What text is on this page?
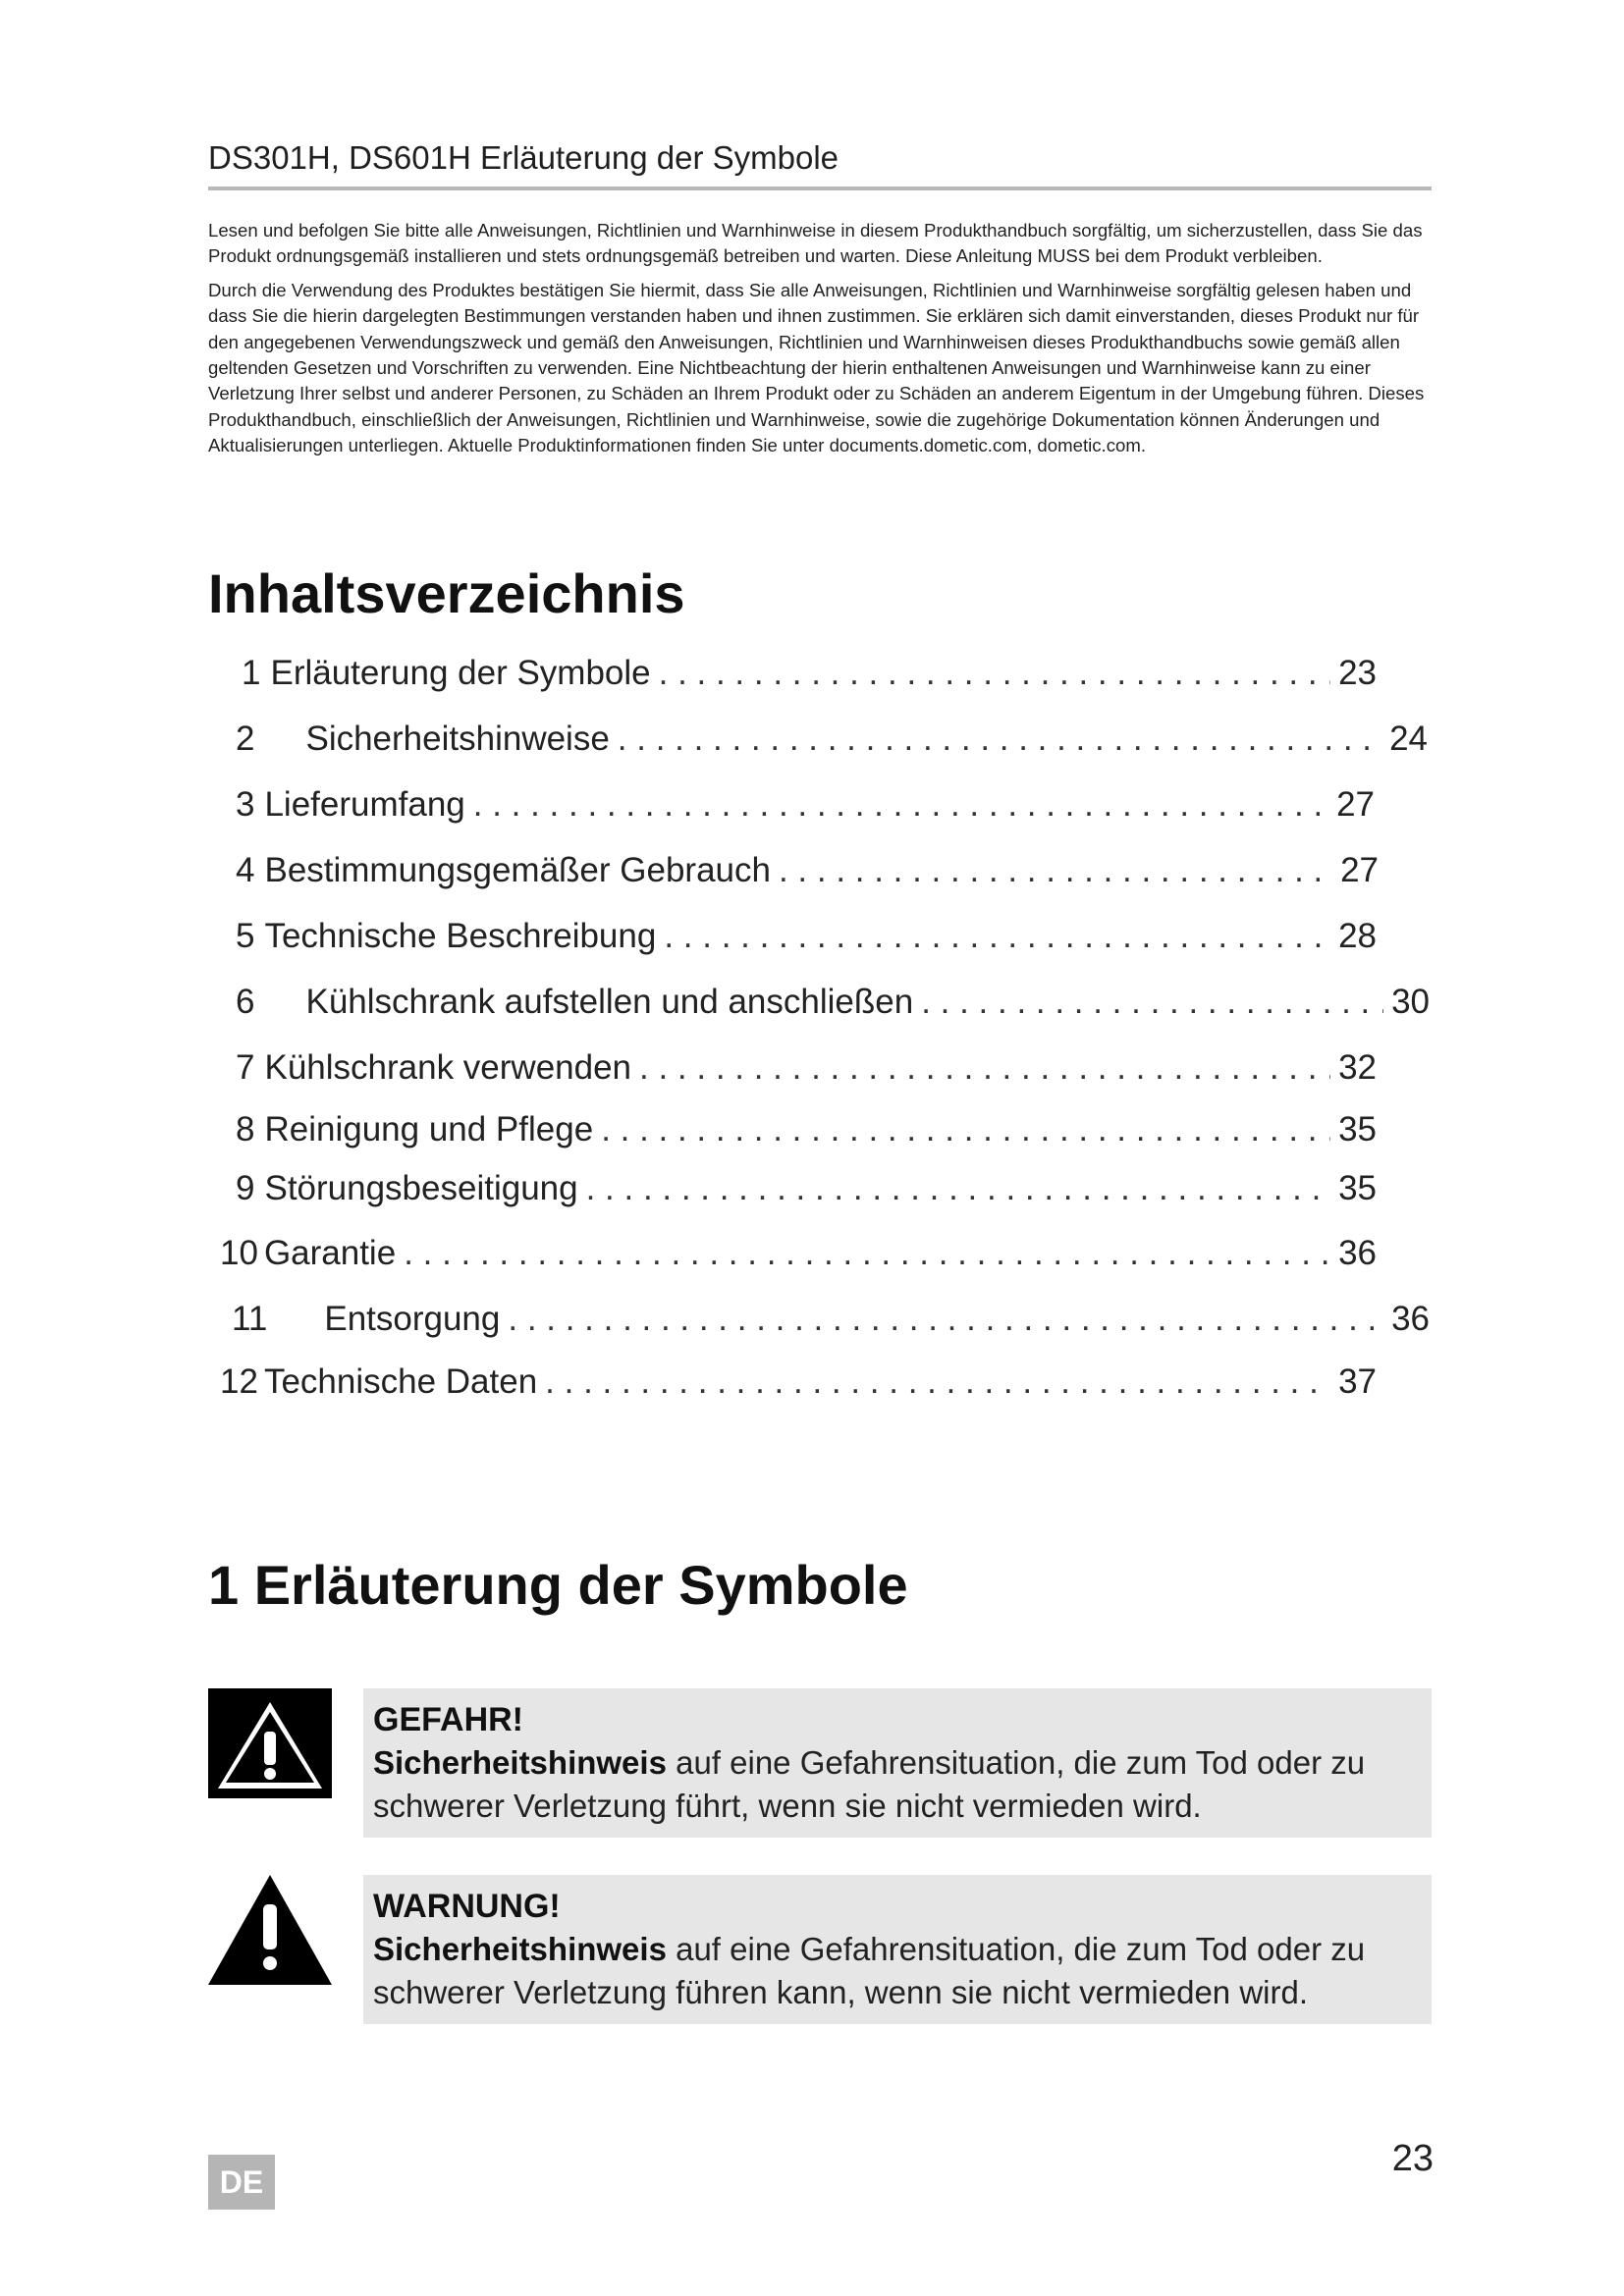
DS301H, DS601H Erläuterung der Symbole

Lesen und befolgen Sie bitte alle Anweisungen, Richtlinien und Warnhinweise in diesem Produkthandbuch sorgfältig, um sicherzustellen, dass Sie das Produkt ordnungsgemäß installieren und stets ordnungsgemäß betreiben und warten. Diese Anleitung MUSS bei dem Produkt verbleiben.

Durch die Verwendung des Produktes bestätigen Sie hiermit, dass Sie alle Anweisungen, Richtlinien und Warnhinweise sorgfältig gelesen haben und dass Sie die hierin dargelegten Bestimmungen verstanden haben und ihnen zustimmen. Sie erklären sich damit einverstanden, dieses Produkt nur für den angegebenen Verwendungszweck und gemäß den Anweisungen, Richtlinien und Warnhinweisen dieses Produkthandbuchs sowie gemäß allen geltenden Gesetzen und Vorschriften zu verwenden. Eine Nichtbeachtung der hierin enthaltenen Anweisungen und Warnhinweise kann zu einer Verletzung Ihrer selbst und anderer Personen, zu Schäden an Ihrem Produkt oder zu Schäden an anderem Eigentum in der Umgebung führen. Dieses Produkthandbuch, einschließlich der Anweisungen, Richtlinien und Warnhinweise, sowie die zugehörige Dokumentation können Änderungen und Aktualisierungen unterliegen. Aktuelle Produktinformationen finden Sie unter documents.dometic.com, dometic.com.

Inhaltsverzeichnis
1 Erläuterung der Symbole . . .	23
2 Sicherheitshinweise . . .	24
3 Lieferumfang . . .	27
4 Bestimmungsgemäßer Gebrauch . . .	27
5 Technische Beschreibung . . .	28
6 Kühlschrank aufstellen und anschließen . . .	30
7 Kühlschrank verwenden . . .	32
8 Reinigung und Pflege . . .	35
9 Störungsbeseitigung . . .	35
10 Garantie . . .	36
11 Entsorgung . . .	36
12 Technische Daten . . .	37
1 Erläuterung der Symbole
GEFAHR!
Sicherheitshinweis auf eine Gefahrensituation, die zum Tod oder zu schwerer Verletzung führt, wenn sie nicht vermieden wird.
WARNUNG!
Sicherheitshinweis auf eine Gefahrensituation, die zum Tod oder zu schwerer Verletzung führen kann, wenn sie nicht vermieden wird.
DE
23
